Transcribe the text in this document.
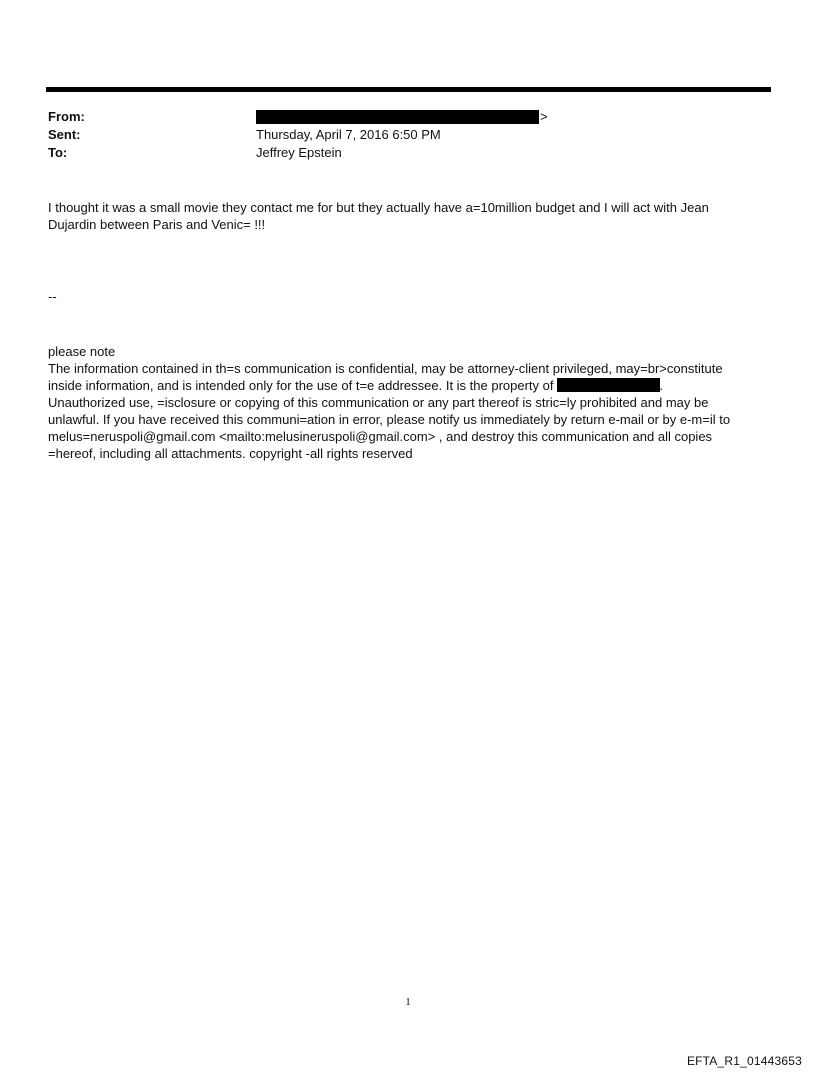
From:	>
Sent:	Thursday, April 7, 2016 6:50 PM
To:	Jeffrey Epstein

I thought it was a small movie they contact me for but they actually have a=10million budget and I will act with Jean
Dujardin between Paris and Venic= !!!

--

please note
The information contained in th=s communication is confidential, may be attorney-client privileged, may=br>constitute
inside information, and is intended only for the use of t=e addressee. It is the property of	.
Unauthorized use, =isclosure or copying of this communication or any part thereof is stric=ly prohibited and may be
unlawful. If you have received this communi=ation in error, please notify us immediately by return e-mail or by e-m=il to
melus=neruspoli@gmail.com <mailto:melusineruspoli@gmail.com> , and destroy this communication and all copies
=hereof, including all attachments. copyright -all rights reserved

1
EFTA_R1_01443653
